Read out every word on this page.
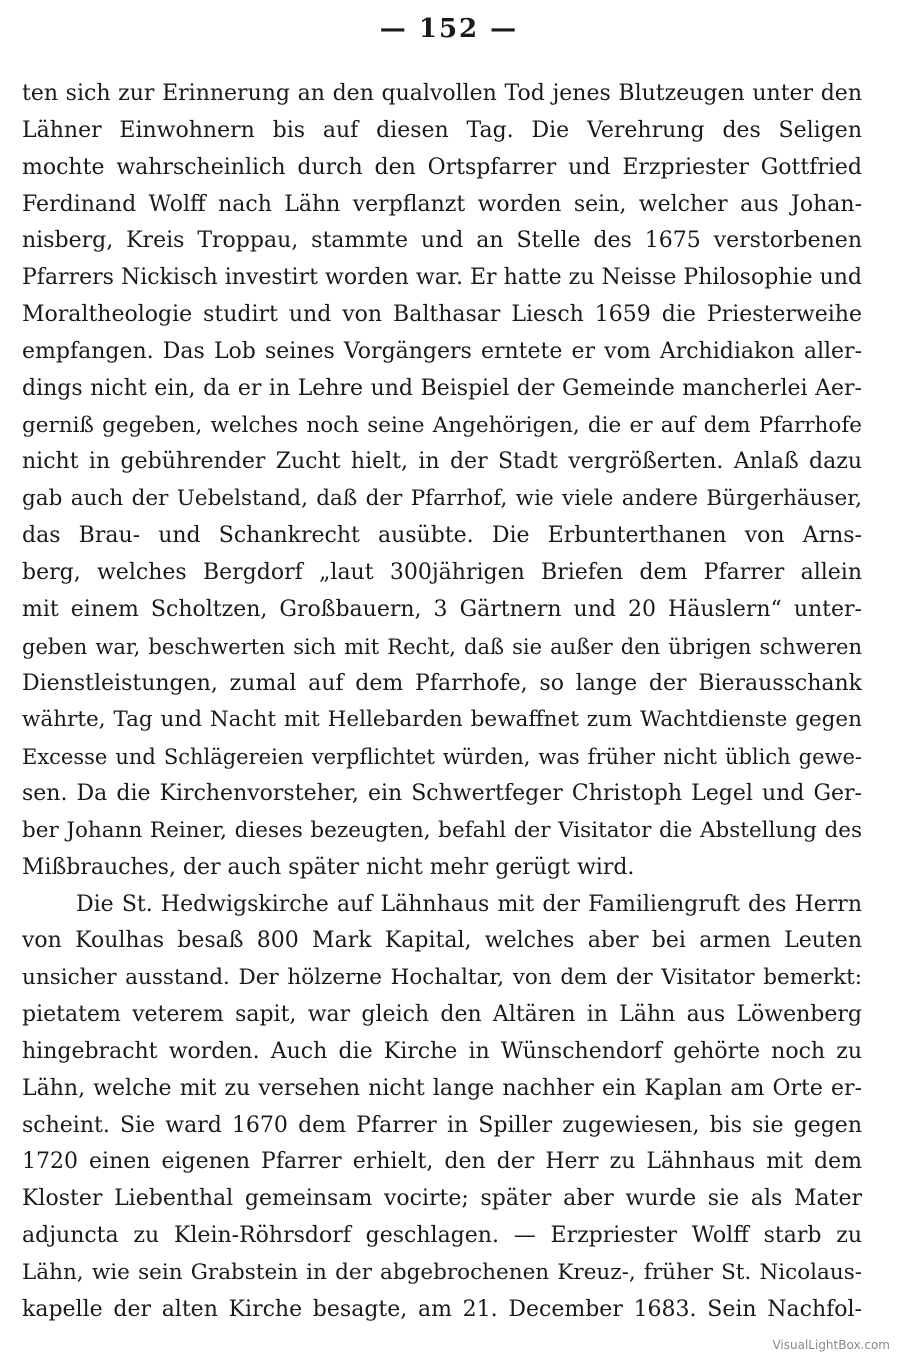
— 152 —
ten sich zur Erinnerung an den qualvollen Tod jenes Blutzeugen unter den
Lähner Einwohnern bis auf diesen Tag. Die Verehrung des Seligen
mochte wahrscheinlich durch den Ortspfarrer und Erzpriester Gottfried
Ferdinand Wolff nach Lähn verpflanzt worden sein, welcher aus Johan-
nisberg, Kreis Troppau, stammte und an Stelle des 1675 verstorbenen
Pfarrers Nickisch investirt worden war. Er hatte zu Neisse Philosophie und
Moraltheologie studirt und von Balthasar Liesch 1659 die Priesterweihe
empfangen. Das Lob seines Vorgängers erntete er vom Archidiakon aller-
dings nicht ein, da er in Lehre und Beispiel der Gemeinde mancherlei Aer-
gerniß gegeben, welches noch seine Angehörigen, die er auf dem Pfarrhofe
nicht in gebührender Zucht hielt, in der Stadt vergrößerten. Anlaß dazu
gab auch der Uebelstand, daß der Pfarrhof, wie viele andere Bürgerhäuser,
das Brau- und Schankrecht ausübte. Die Erbunterthanen von Arns-
berg, welches Bergdorf „laut 300jährigen Briefen dem Pfarrer allein
mit einem Scholtzen, Großbauern, 3 Gärtnern und 20 Häuslern“ unter-
geben war, beschwerten sich mit Recht, daß sie außer den übrigen schweren
Dienstleistungen, zumal auf dem Pfarrhofe, so lange der Bierausschank
währte, Tag und Nacht mit Hellebarden bewaffnet zum Wachtdienste gegen
Excesse und Schlägereien verpflichtet würden, was früher nicht üblich gewe-
sen. Da die Kirchenvorsteher, ein Schwertfeger Christoph Legel und Ger-
ber Johann Reiner, dieses bezeugten, befahl der Visitator die Abstellung des
Mißbrauches, der auch später nicht mehr gerügt wird.
Die St. Hedwigskirche auf Lähnhaus mit der Familiengruft des Herrn
von Koulhas besaß 800 Mark Kapital, welches aber bei armen Leuten
unsicher ausstand. Der hölzerne Hochaltar, von dem der Visitator bemerkt:
pietatem veterem sapit, war gleich den Altären in Lähn aus Löwenberg
hingebracht worden. Auch die Kirche in Wünschendorf gehörte noch zu
Lähn, welche mit zu versehen nicht lange nachher ein Kaplan am Orte er-
scheint. Sie ward 1670 dem Pfarrer in Spiller zugewiesen, bis sie gegen
1720 einen eigenen Pfarrer erhielt, den der Herr zu Lähnhaus mit dem
Kloster Liebenthal gemeinsam vocirte; später aber wurde sie als Mater
adjuncta zu Klein-Röhrsdorf geschlagen. — Erzpriester Wolff starb zu
Lähn, wie sein Grabstein in der abgebrochenen Kreuz-, früher St. Nicolaus-
kapelle der alten Kirche besagte, am 21. December 1683. Sein Nachfol-
VisualLightBox.com
